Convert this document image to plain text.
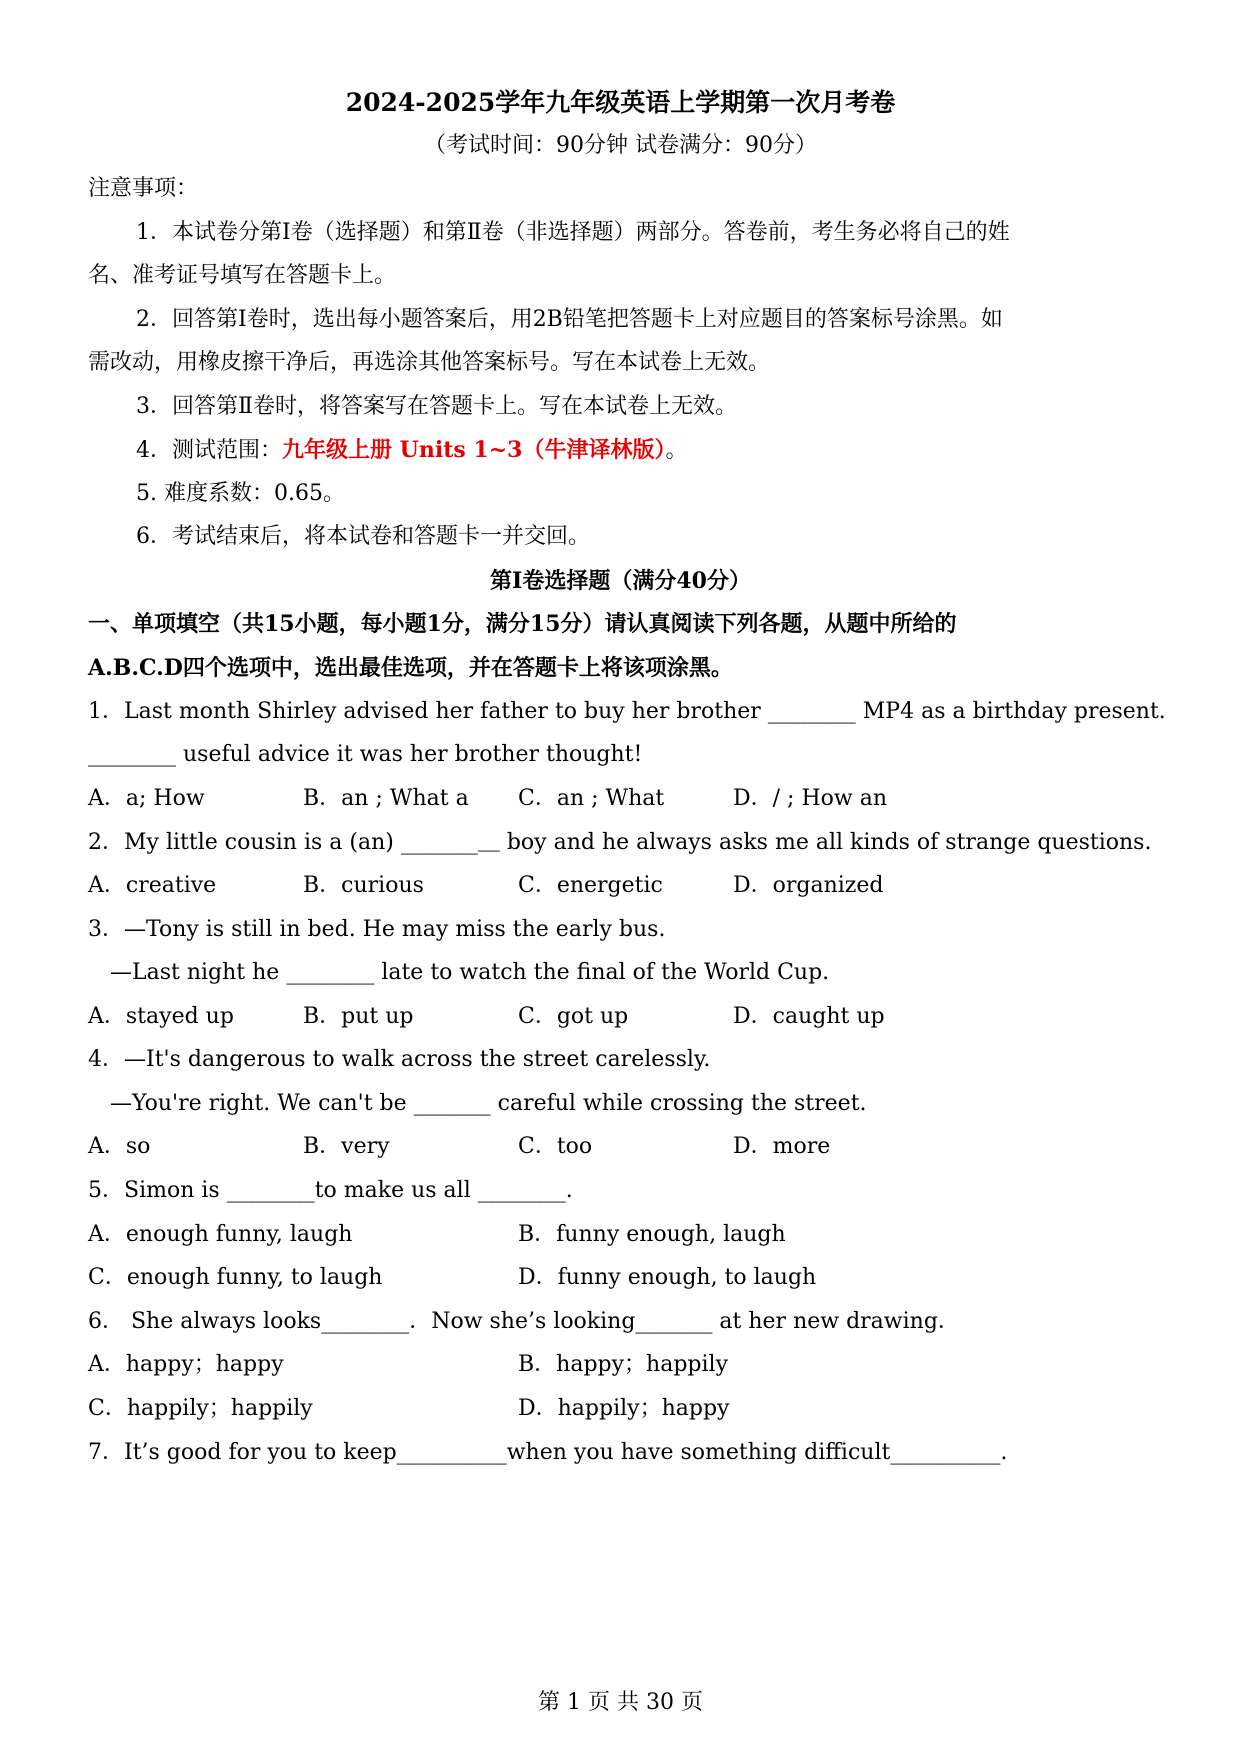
2024-2025学年九年级英语上学期第一次月考卷
（考试时间：90分钟 试卷满分：90分）
注意事项：
1．本试卷分第Ⅰ卷（选择题）和第Ⅱ卷（非选择题）两部分。答卷前，考生务必将自己的姓
名、准考证号填写在答题卡上。
2．回答第Ⅰ卷时，选出每小题答案后，用2B铅笔把答题卡上对应题目的答案标号涂黑。如
需改动，用橡皮擦干净后，再选涂其他答案标号。写在本试卷上无效。
3．回答第Ⅱ卷时，将答案写在答题卡上。写在本试卷上无效。
4．测试范围：九年级上册 Units 1~3（牛津译林版）。
5. 难度系数：0.65。
6．考试结束后，将本试卷和答题卡一并交回。
第Ⅰ卷选择题（满分40分）
一、单项填空（共15小题，每小题1分，满分15分）请认真阅读下列各题，从题中所给的
A.B.C.D四个选项中，选出最佳选项，并在答题卡上将该项涂黑。
1．Last month Shirley advised her father to buy her brother ________ MP4 as a birthday present.
________ useful advice it was her brother thought!
A．a; How	B．an ; What a C．an ; What	D．/ ; How an
2．My little cousin is a (an) _______＿ boy and he always asks me all kinds of strange questions.
A．creative	B．curious	C．energetic	D．organized
3．—Tony is still in bed. He may miss the early bus.
—Last night he ________ late to watch the final of the World Cup.
A．stayed up	B．put up	C．got up	D．caught up
4．—It's dangerous to walk across the street carelessly.
—You're right. We can't be _______ careful while crossing the street.
A．so	B．very	C．too	D．more
5．Simon is ________to make us all ________.
A．enough funny, laugh	B．funny enough, laugh
C．enough funny, to laugh	D．funny enough, to laugh
6． She always looks________．Now she’s looking_______ at her new drawing．
A．happy；happy	B．happy；happily
C．happily；happily	D．happily；happy
7．It’s good for you to keep__________when you have something difficult__________.
第 1 页 共 30 页
